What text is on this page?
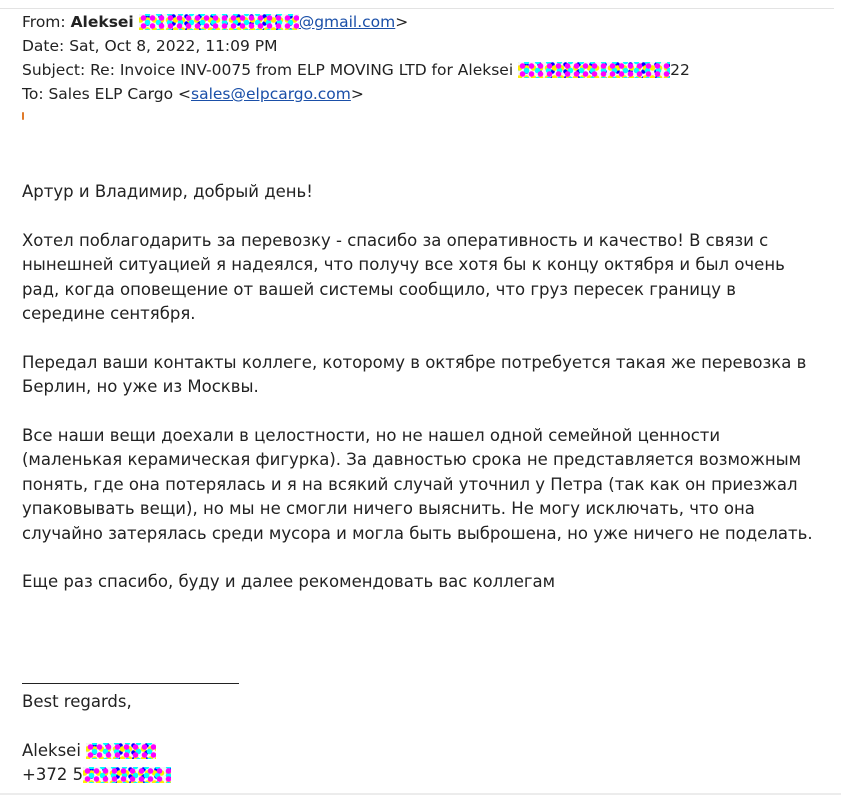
From: Aleksei	@gmail.com>
Date: Sat, Oct 8, 2022, 11:09 PM
Subject: Re: Invoice INV-0075 from ELP MOVING LTD for Aleksei	22
To: Sales ELP Cargo <sales@elpcargo.com>

Артур и Владимир, добрый день!

Хотел поблагодарить за перевозку - спасибо за оперативность и качество! В связи с нынешней ситуацией я надеялся, что получу все хотя бы к концу октября и был очень рад, когда оповещение от вашей системы сообщило, что груз пересек границу в середине сентября.

Передал ваши контакты коллеге, которому в октябре потребуется такая же перевозка в Берлин, но уже из Москвы.

Все наши вещи доехали в целостности, но не нашел одной семейной ценности (маленькая керамическая фигурка). За давностью срока не представляется возможным понять, где она потерялась и я на всякий случай уточнил у Петра (так как он приезжал упаковывать вещи), но мы не смогли ничего выяснить. Не могу исключать, что она случайно затерялась среди мусора и могла быть выброшена, но уже ничего не поделать.

Еще раз спасибо, буду и далее рекомендовать вас коллегам

Best regards,
Aleksei
+372 5
